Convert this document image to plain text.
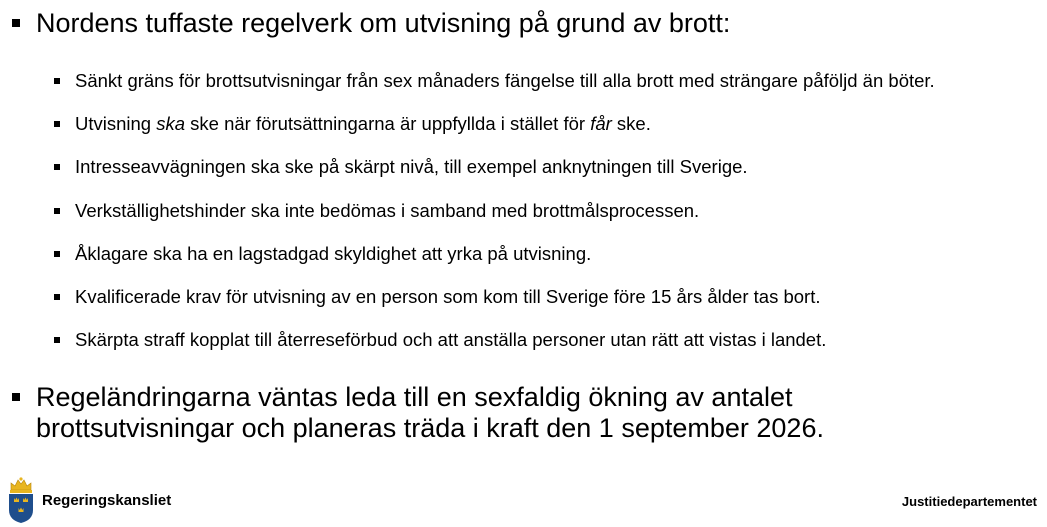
Nordens tuffaste regelverk om utvisning på grund av brott:
Sänkt gräns för brottsutvisningar från sex månaders fängelse till alla brott med strängare påföljd än böter.
Utvisning ska ske när förutsättningarna är uppfyllda i stället för får ske.
Intresseavvägningen ska ske på skärpt nivå, till exempel anknytningen till Sverige.
Verkställighetshinder ska inte bedömas i samband med brottmålsprocessen.
Åklagare ska ha en lagstadgad skyldighet att yrka på utvisning.
Kvalificerade krav för utvisning av en person som kom till Sverige före 15 års ålder tas bort.
Skärpta straff kopplat till återreseförbud och att anställa personer utan rätt att vistas i landet.
Regeländringarna väntas leda till en sexfaldig ökning av antalet
brottsutvisningar och planeras träda i kraft den 1 september 2026.
Regeringskansliet	Justitiedepartementet
